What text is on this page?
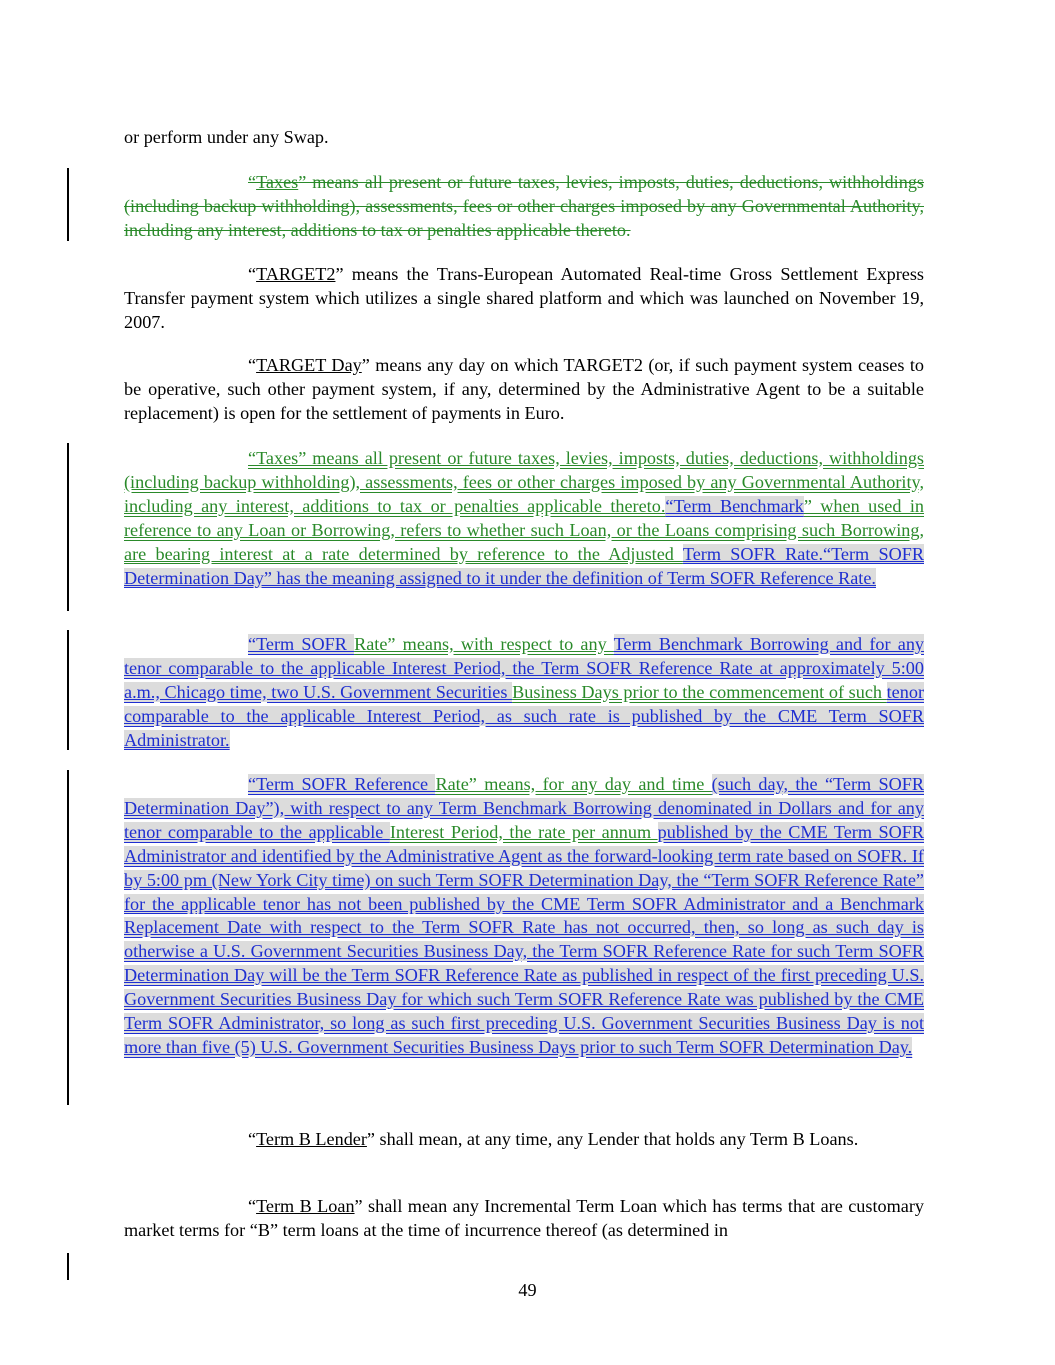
or perform under any Swap.
“Taxes” means all present or future taxes, levies, imposts, duties, deductions, withholdings (including backup withholding), assessments, fees or other charges imposed by any Governmental Authority, including any interest, additions to tax or penalties applicable thereto.
“TARGET2” means the Trans-European Automated Real-time Gross Settlement Express Transfer payment system which utilizes a single shared platform and which was launched on November 19, 2007.
“TARGET Day” means any day on which TARGET2 (or, if such payment system ceases to be operative, such other payment system, if any, determined by the Administrative Agent to be a suitable replacement) is open for the settlement of payments in Euro.
“Taxes” means all present or future taxes, levies, imposts, duties, deductions, withholdings (including backup withholding), assessments, fees or other charges imposed by any Governmental Authority, including any interest, additions to tax or penalties applicable thereto.“Term Benchmark” when used in reference to any Loan or Borrowing, refers to whether such Loan, or the Loans comprising such Borrowing, are bearing interest at a rate determined by reference to the Adjusted Term SOFR Rate.“Term SOFR Determination Day” has the meaning assigned to it under the definition of Term SOFR Reference Rate.
“Term SOFR Rate” means, with respect to any Term Benchmark Borrowing and for any tenor comparable to the applicable Interest Period, the Term SOFR Reference Rate at approximately 5:00 a.m., Chicago time, two U.S. Government Securities Business Days prior to the commencement of such tenor comparable to the applicable Interest Period, as such rate is published by the CME Term SOFR Administrator.
“Term SOFR Reference Rate” means, for any day and time (such day, the “Term SOFR Determination Day”), with respect to any Term Benchmark Borrowing denominated in Dollars and for any tenor comparable to the applicable Interest Period, the rate per annum published by the CME Term SOFR Administrator and identified by the Administrative Agent as the forward-looking term rate based on SOFR. If by 5:00 pm (New York City time) on such Term SOFR Determination Day, the “Term SOFR Reference Rate” for the applicable tenor has not been published by the CME Term SOFR Administrator and a Benchmark Replacement Date with respect to the Term SOFR Rate has not occurred, then, so long as such day is otherwise a U.S. Government Securities Business Day, the Term SOFR Reference Rate for such Term SOFR Determination Day will be the Term SOFR Reference Rate as published in respect of the first preceding U.S. Government Securities Business Day for which such Term SOFR Reference Rate was published by the CME Term SOFR Administrator, so long as such first preceding U.S. Government Securities Business Day is not more than five (5) U.S. Government Securities Business Days prior to such Term SOFR Determination Day.
“Term B Lender” shall mean, at any time, any Lender that holds any Term B Loans.
“Term B Loan” shall mean any Incremental Term Loan which has terms that are customary market terms for “B” term loans at the time of incurrence thereof (as determined in
49
